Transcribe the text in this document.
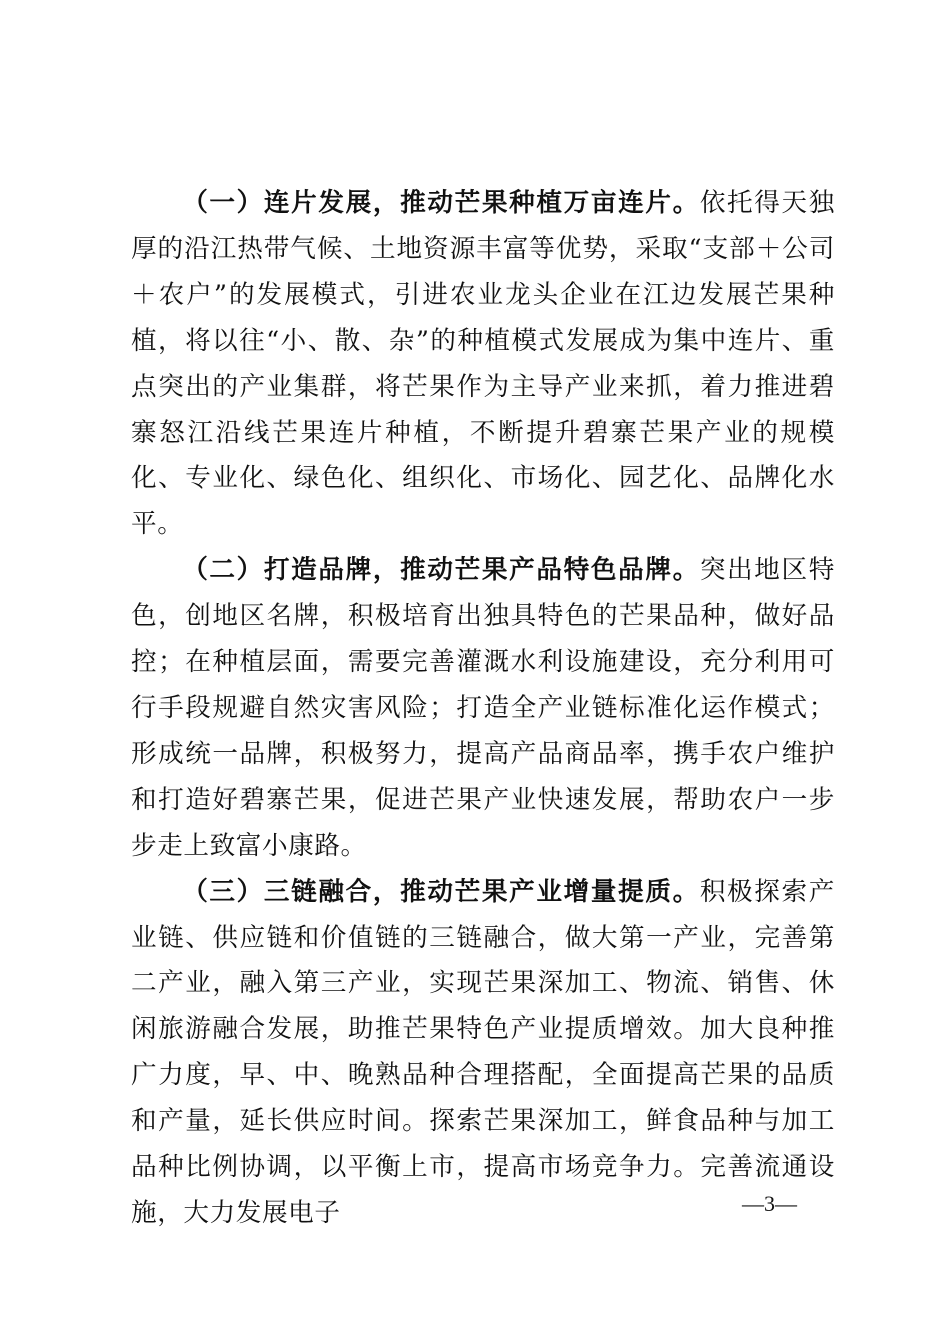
（一）连片发展，推动芒果种植万亩连片。依托得天独厚的沿江热带气候、土地资源丰富等优势，采取“支部＋公司＋农户”的发展模式，引进农业龙头企业在江边发展芒果种植，将以往“小、散、杂”的种植模式发展成为集中连片、重点突出的产业集群，将芒果作为主导产业来抓，着力推进碧寨怒江沿线芒果连片种植，不断提升碧寨芒果产业的规模化、专业化、绿色化、组织化、市场化、园艺化、品牌化水平。

（二）打造品牌，推动芒果产品特色品牌。突出地区特色，创地区名牌，积极培育出独具特色的芒果品种，做好品控；在种植层面，需要完善灌溉水利设施建设，充分利用可行手段规避自然灾害风险；打造全产业链标准化运作模式；形成统一品牌，积极努力，提高产品商品率，携手农户维护和打造好碧寨芒果，促进芒果产业快速发展，帮助农户一步步走上致富小康路。

（三）三链融合，推动芒果产业增量提质。积极探索产业链、供应链和价值链的三链融合，做大第一产业，完善第二产业，融入第三产业，实现芒果深加工、物流、销售、休闲旅游融合发展，助推芒果特色产业提质增效。加大良种推广力度，早、中、晚熟品种合理搭配，全面提高芒果的品质和产量，延长供应时间。探索芒果深加工，鲜食品种与加工品种比例协调，以平衡上市，提高市场竞争力。完善流通设施，大力发展电子	—3—
